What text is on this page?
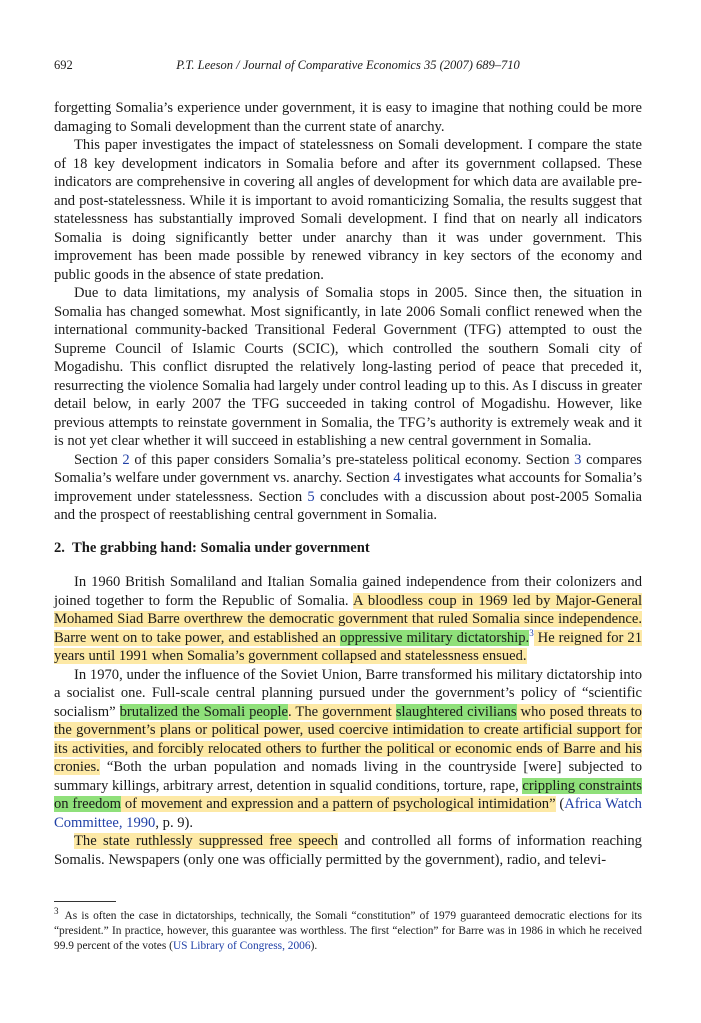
692	P.T. Leeson / Journal of Comparative Economics 35 (2007) 689–710

forgetting Somalia’s experience under government, it is easy to imagine that nothing could be more damaging to Somali development than the current state of anarchy.

This paper investigates the impact of statelessness on Somali development. I compare the state of 18 key development indicators in Somalia before and after its government collapsed. These indicators are comprehensive in covering all angles of development for which data are available pre- and post-statelessness. While it is important to avoid romanticizing Somalia, the results suggest that statelessness has substantially improved Somali development. I find that on nearly all indicators Somalia is doing significantly better under anarchy than it was under government. This improvement has been made possible by renewed vibrancy in key sectors of the economy and public goods in the absence of state predation.

Due to data limitations, my analysis of Somalia stops in 2005. Since then, the situation in Somalia has changed somewhat. Most significantly, in late 2006 Somali conflict renewed when the international community-backed Transitional Federal Government (TFG) attempted to oust the Supreme Council of Islamic Courts (SCIC), which controlled the southern Somali city of Mogadishu. This conflict disrupted the relatively long-lasting period of peace that preceded it, resurrecting the violence Somalia had largely under control leading up to this. As I discuss in greater detail below, in early 2007 the TFG succeeded in taking control of Mogadishu. However, like previous attempts to reinstate government in Somalia, the TFG’s authority is extremely weak and it is not yet clear whether it will succeed in establishing a new central government in Somalia.

Section 2 of this paper considers Somalia’s pre-stateless political economy. Section 3 compares Somalia’s welfare under government vs. anarchy. Section 4 investigates what accounts for Somalia’s improvement under statelessness. Section 5 concludes with a discussion about post-2005 Somalia and the prospect of reestablishing central government in Somalia.

2. The grabbing hand: Somalia under government

In 1960 British Somaliland and Italian Somalia gained independence from their colonizers and joined together to form the Republic of Somalia. A bloodless coup in 1969 led by Major-General Mohamed Siad Barre overthrew the democratic government that ruled Somalia since independence. Barre went on to take power, and established an oppressive military dictatorship.$^3$ He reigned for 21 years until 1991 when Somalia’s government collapsed and statelessness ensued.

In 1970, under the influence of the Soviet Union, Barre transformed his military dictatorship into a socialist one. Full-scale central planning pursued under the government’s policy of “scientific socialism” brutalized the Somali people. The government slaughtered civilians who posed threats to the government’s plans or political power, used coercive intimidation to create artificial support for its activities, and forcibly relocated others to further the political or economic ends of Barre and his cronies. “Both the urban population and nomads living in the countryside [were] subjected to summary killings, arbitrary arrest, detention in squalid conditions, torture, rape, crippling constraints on freedom of movement and expression and a pattern of psychological intimidation” (Africa Watch Committee, 1990, p. 9).

The state ruthlessly suppressed free speech and controlled all forms of information reaching Somalis. Newspapers (only one was officially permitted by the government), radio, and televi-

$^3$ As is often the case in dictatorships, technically, the Somali “constitution” of 1979 guaranteed democratic elections for its “president.” In practice, however, this guarantee was worthless. The first “election” for Barre was in 1986 in which he received 99.9 percent of the votes (US Library of Congress, 2006).
